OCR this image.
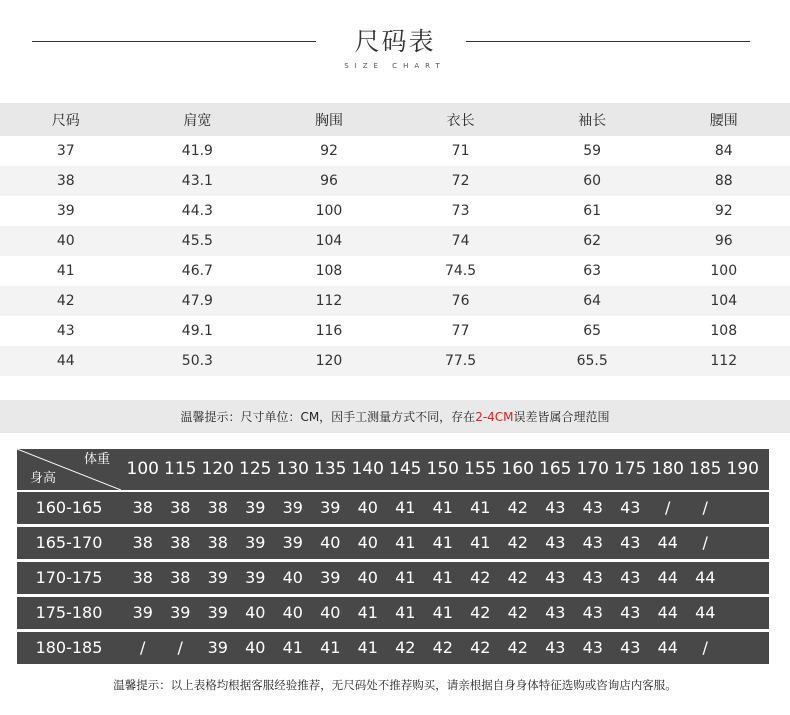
尺码表
SIZE CHART
尺码	肩宽	胸围	衣长	袖长	腰围
37	41.9	92	71	59	84
38	43.1	96	72	60	88
39	44.3	100	73	61	92
40	45.5	104	74	62	96
41	46.7	108	74.5	63	100
42	47.9	112	76	64	104
43	49.1	116	77	65	108
44	50.3	120	77.5	65.5	112
温馨提示：尺寸单位：CM，因手工测量方式不同，存在 2-4CM 误差皆属合理范围
体重
身高	100 115 120 125 130 135 140 145 150 155 160 165 170 175 180 185 190
160-165	38	38	38	39	39	39	40	41	41	41	42	43	43	43	/	/
165-170	38	38	38	39	39	40	40	41	41	41	42	43	43	43	44	/
170-175	38	38	39	39	40	39	40	41	41	42	42	43	43	43	44	44
175-180	39	39	39	40	40	40	41	41	41	42	42	43	43	43	44	44
180-185	/	/	39	40	41	41	41	42	42	42	42	43	43	43	44	/
温馨提示：以上表格均根据客服经验推荐，无尺码处不推荐购买，请亲根据自身身体特征选购或咨询店内客服。
